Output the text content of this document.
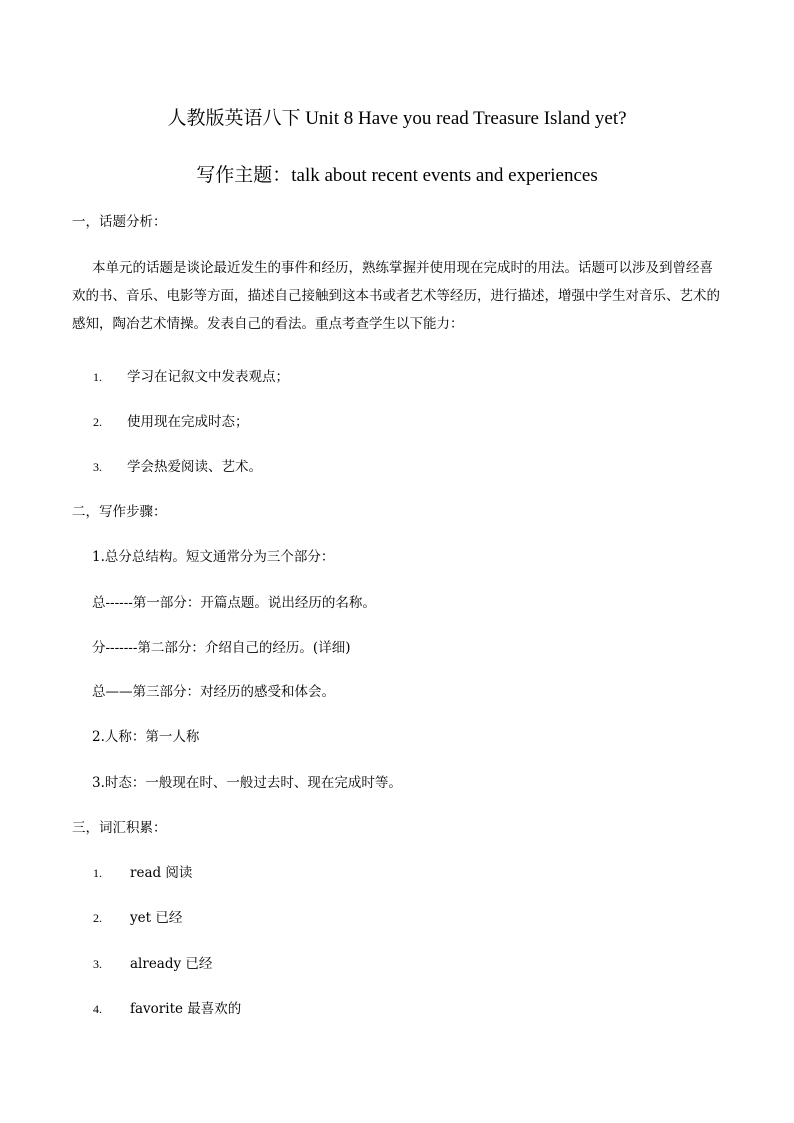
人教版英语八下 Unit 8 Have you read Treasure Island yet?
写作主题：talk about recent events and experiences
一，话题分析：
本单元的话题是谈论最近发生的事件和经历，熟练掌握并使用现在完成时的用法。话题可以涉及到曾经喜欢的书、音乐、电影等方面，描述自己接触到这本书或者艺术等经历，进行描述，增强中学生对音乐、艺术的感知，陶冶艺术情操。发表自己的看法。重点考查学生以下能力：
1. 学习在记叙文中发表观点；
2. 使用现在完成时态；
3. 学会热爱阅读、艺术。
二，写作步骤：
1.总分总结构。短文通常分为三个部分：
总------第一部分：开篇点题。说出经历的名称。
分-------第二部分：介绍自己的经历。(详细)
总——第三部分：对经历的感受和体会。
2.人称：第一人称
3.时态：一般现在时、一般过去时、现在完成时等。
三，词汇积累：
1. read 阅读
2. yet 已经
3. already 已经
4. favorite 最喜欢的
